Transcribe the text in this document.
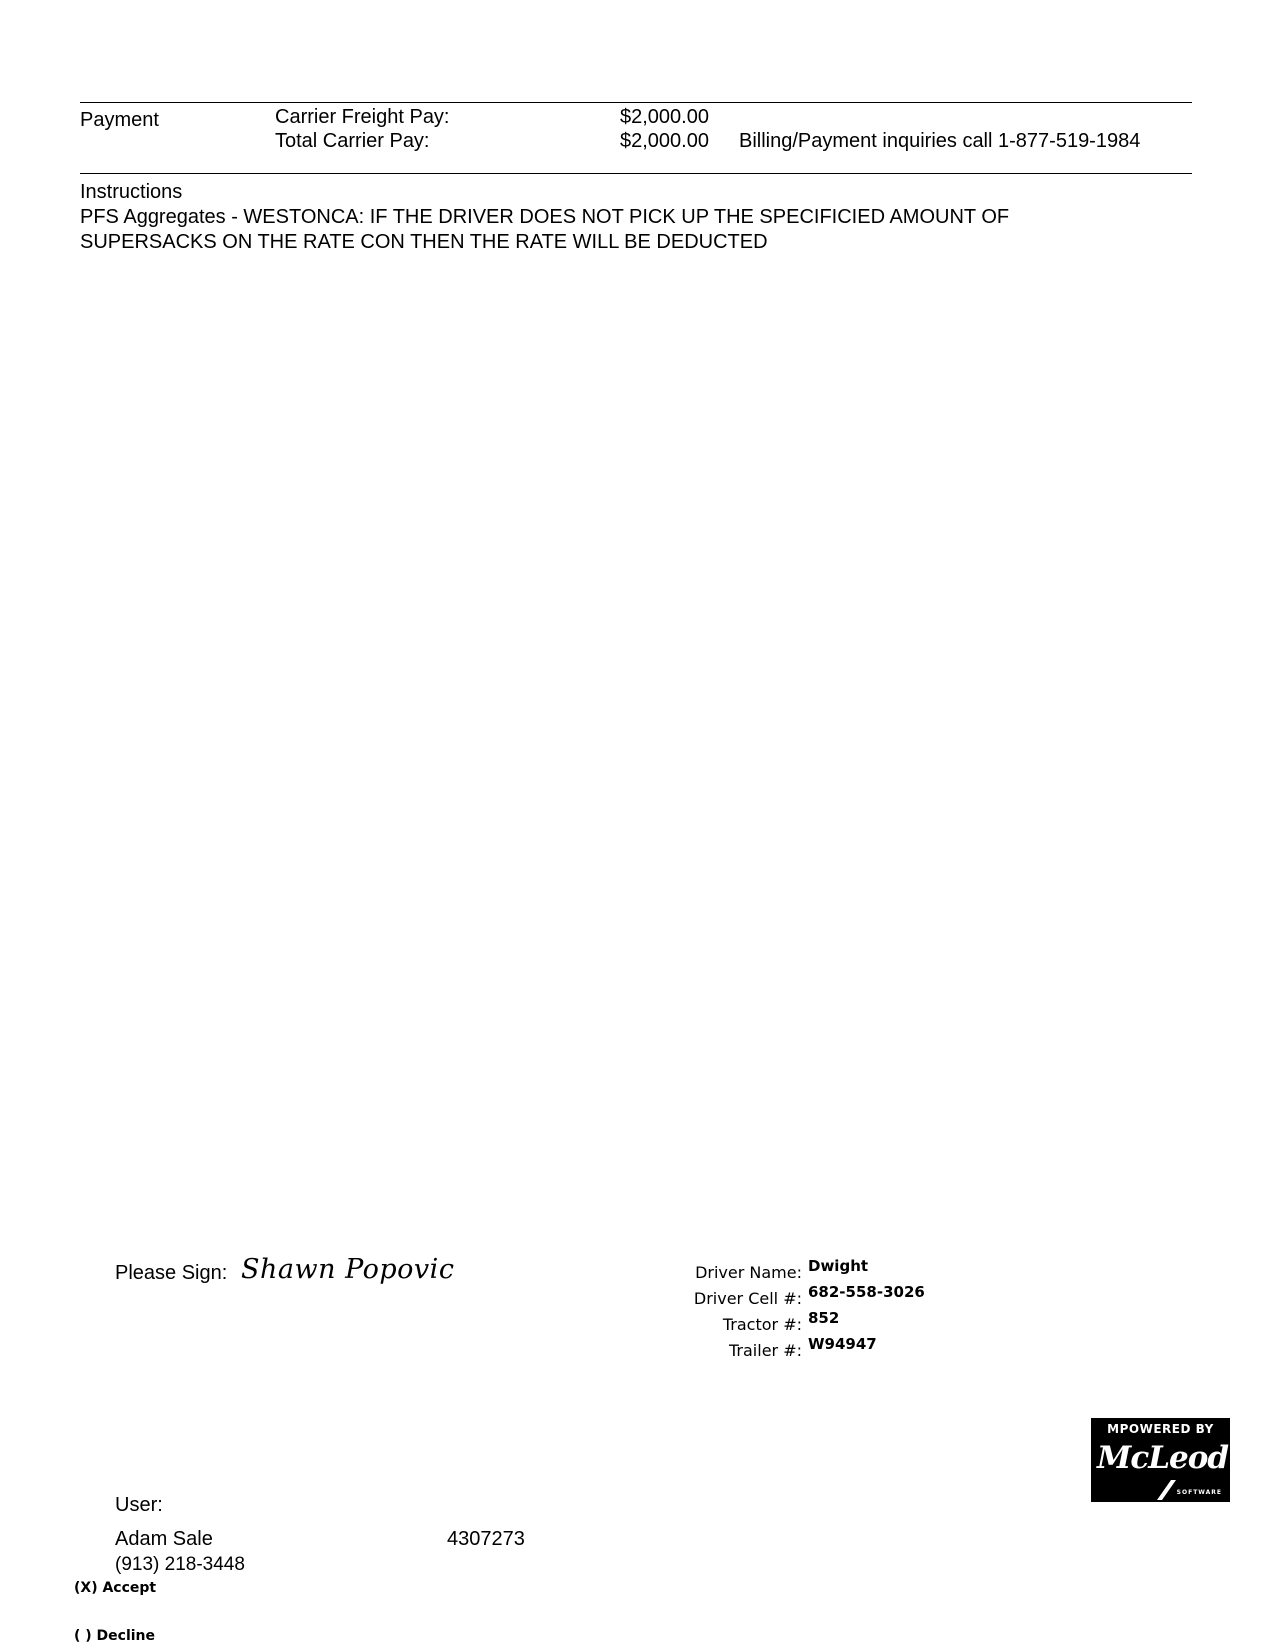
Payment	Carrier Freight Pay:	$2,000.00
Total Carrier Pay:	$2,000.00 Billing/Payment inquiries call 1-877-519-1984
Instructions
PFS Aggregates - WESTONCA: IF THE DRIVER DOES NOT PICK UP THE SPECIFICIED AMOUNT OF
SUPERSACKS ON THE RATE CON THEN THE RATE WILL BE DEDUCTED
Please Sign: Shawn Popovic	Driver Name: Dwight
Driver Cell #: 682-558-3026
Tractor #: 852
Trailer #: W94947
MPOWERED BY
McLeod
SOFTWARE
User:
Adam Sale	4307273
(913) 218-3448
(X) Accept
( ) Decline
